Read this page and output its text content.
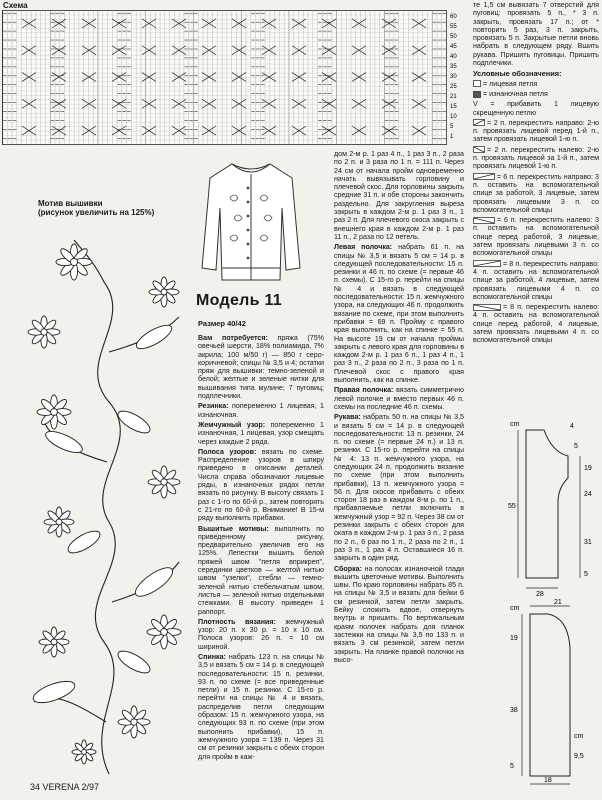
Схема
60
55
50
45
40
35
30
25
21
15
10
5
1
Мотив вышивки
(рисунок увеличить на 125%)
Модель 11
Размер 40/42

Вам потребуется: пряжа (75% овечьей шерсти, 18% полиамида, 7% акрила; 100 м/50 г) — 850 г серо-коричневой; спицы № 3,5 и 4; остатки пряж для вышивки: темно-зеленой и белой; желтые и зеленые нитки для вышивания типа мулине; 7 пуговиц; подплечники.

Резинка: попеременно 1 лицевая, 1 изнаночная.

Жемчужный узор: попеременно 1 изнаночная, 1 лицевая, узор смещать через каждые 2 ряда.

Полоса узоров: вязать по схеме. Распределение узоров в шпиру приведено в описании деталей. Числа справа обозначают лицевые ряды, в изнаночных рядах петли вязать по рисунку. В высоту связать 1 раз с 1-го по 60-й р., затем повторять с 21-го по 60-й р. Внимание! В 15-м ряду выполнить прибавки.

Вышитые мотивы: выполнить по приведенному рисунку, предварительно увеличив его на 125%. Лепестки вышить белой пряжей швом "петля вприкреп", серединки цветков — желтой нитью швом "узелки", стебли — темно-зеленой нитью стебельчатым швом, листья — зеленой нитью отдельными стежками. В высоту приведен 1 раппорт.

Плотность вязания: жемчужный узор: 20 п. х 30 р. = 10 х 10 см. Полоса узоров: 26 п. = 10 см шириной.

Спинка: набрать 123 п. на спицы № 3,5 и вязать 5 см = 14 р. в следующей последовательности: 15 п. резинки, 93 п. по схеме (= все приведенные петли) и 15 п. резинки. С 15-го р. перейти на спицы № 4 и вязать, распределив петли следующим образом: 15 п. жемчужного узора, на следующих 93 п. по схеме (при этом выполнить прибавки), 15 п. жемчужного узора = 139 п. Через 31 см от резинки закрыть с обеих сторон для пройм в каж-

дом 2-м р. 1 раз 4 п., 1 раз 3 п., 2 раза по 2 п. и 3 раза по 1 п. = 111 п. Через 24 см от начала пройм одновременно начать вывязывать горловину и плечевой скос. Для горловины закрыть средние 31 п. и обе стороны закончить раздельно. Для закругления выреза закрыть в каждом 2-м р. 1 раз 3 п., 1 раз 2 п. Для плечевого скоса закрыть с внешнего края в каждом 2-м р. 1 раз 11 п., 2 раза по 12 петель.

Левая полочка: набрать 61 п. на спицы № 3,5 и вязать 5 см = 14 р. в следующей последовательности: 15 п. резинки и 46 п. по схеме (= первые 46 п. схемы). С 15-го р. перейти на спицы № 4 и вязать в следующей последовательности: 15 п. жемчужного узора, на следующих 46 п. продолжить вязание по схеме, при этом выполнить прибавки = 69 п. Пройму с правого края выполнить, как на спинке = 55 п. На высоте 19 см от начала проймы закрыть с левого края для горловины в каждом 2-м р. 1 раз 6 п., 1 раз 4 п., 1 раз 3 п., 2 раза по 2 п., 3 раза по 1 п. Плечевой скос с правого края выполнить, как на спинке.

Правая полочка: вязать симметрично левой полочке и вместо первых 46 п. схемы на последние 46 п. схемы.

Рукава: набрать 50 п. на спицы № 3,5 и вязать 5 см = 14 р. в следующей последовательности: 13 п. резинки, 24 п. по схеме (= первые 24 п.) и 13 п. резинки. С 15-го р. перейти на спицы № 4: 13 п. жемчужного узора, на следующих 24 п. продолжить вязание по схеме (при этом выполнить прибавки), 13 п. жемчужного узора = 56 п. Для скосов прибавить с обеих сторон 18 раз в каждом 8-м р. по 1 п., прибавляемые петли включить в жемчужный узор = 92 п. Через 38 см от резинки закрыть с обеих сторон для оката в каждом 2-м р. 1 раз 3 п., 2 раза по 2 п., 6 раз по 1 п., 2 раза по 2 п., 1 раз 3 п., 1 раз 4 п. Оставшиеся 16 п. закрыть в один ряд.

Сборка: на полосах изнаночной глади вышить цветочные мотивы. Выполнить швы. По краю горловины набрать 85 п. на спицы № 3,5 и вязать для бейки 6 см резинкой, затем петли закрыть. Бейку сложить вдвое, отвернуть внутрь и пришить. По вертикальным краям полочек набрать для планок застежки на спицы № 3,5 по 133 п. и вязать 3 см резинкой, затем петли закрыть. На планке правой полочки на высо-

те 1,5 см вывязать 7 отверстий для пуговиц: провязать 5 п., * 3 п. закрыть, провязать 17 п.; от * повторить 5 раз, 3 п. закрыть, провязать 5 п. Закрытые петли вновь набрать в следующем ряду. Вшить рукава. Пришить пуговицы. Пришить подплечики.

Условные обозначения:
= лицевая петля
= изнаночная петля
V = прибавить 1 лицевую скрещенную петлю
= 2 п. перекрестить направо: 2-ю п. провязать лицевой перед 1-й п., затем провязать лицевой 1-ю п.
= 2 п. перекрестить налево: 2-ю п. провязать лицевой за 1-й п., затем провязать лицевой 1-ю п.
= 6 п. перекрестить направо: 3 п. оставить на вспомогательной спице за работой, 3 лицевые, затем провязать лицевыми 3 п. со вспомогательной спицы
= 6 п. перекрестить налево: 3 п. оставить на вспомогательной спице перед работой, 3 лицевые, затем провязать лицевыми 3 п. со вспомогательной спицы
= 8 п. перекрестить направо: 4 п. оставить на вспомогательной спице за работой, 4 лицевые, затем провязать лицевыми 4 п. со вспомогательной спицы
= 8 п. перекрестить налево: 4 п. оставить на вспомогательной спице перед работой, 4 лицевые, затем провязать лицевыми 4 п. со вспомогательной спицы
cm	4
5
19
55
24
31
5
28
cm
21
19
38
5
cm
9,5
18
34 VERENA 2/97
